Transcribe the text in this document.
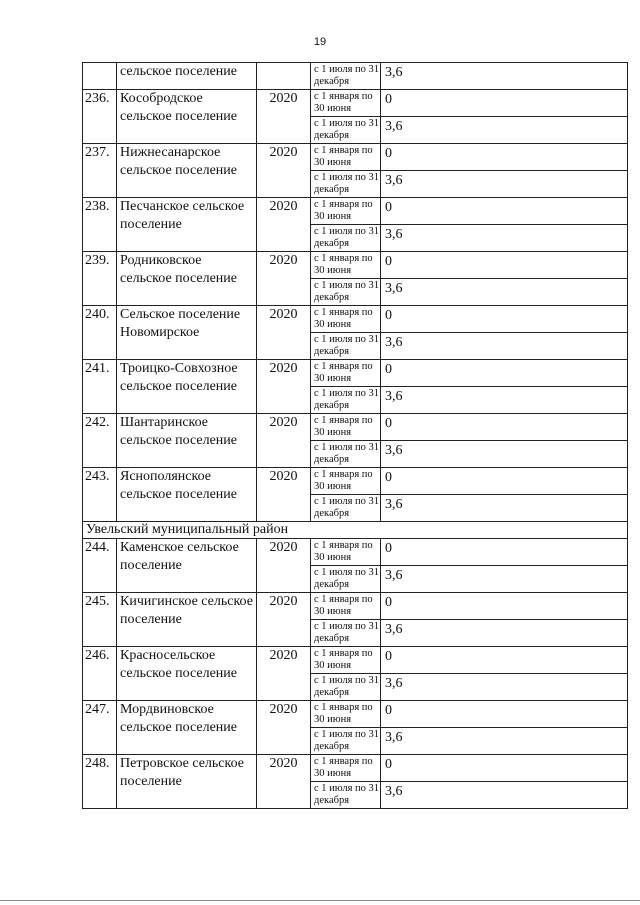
19
	сельское поселение		с 1 июля по 31 декабря	3,6
236.	Кособродское сельское поселение	2020	с 1 января по 30 июня	0
			с 1 июля по 31 декабря	3,6
237.	Нижнесанарское сельское поселение	2020	с 1 января по 30 июня	0
			с 1 июля по 31 декабря	3,6
238.	Песчанское сельское поселение	2020	с 1 января по 30 июня	0
			с 1 июля по 31 декабря	3,6
239.	Родниковское сельское поселение	2020	с 1 января по 30 июня	0
			с 1 июля по 31 декабря	3,6
240.	Сельское поселение Новомирское	2020	с 1 января по 30 июня	0
			с 1 июля по 31 декабря	3,6
241.	Троицко-Совхозное сельское поселение	2020	с 1 января по 30 июня	0
			с 1 июля по 31 декабря	3,6
242.	Шантаринское сельское поселение	2020	с 1 января по 30 июня	0
			с 1 июля по 31 декабря	3,6
243.	Яснополянское сельское поселение	2020	с 1 января по 30 июня	0
			с 1 июля по 31 декабря	3,6
Увельский муниципальный район				
244.	Каменское сельское поселение	2020	с 1 января по 30 июня	0
			с 1 июля по 31 декабря	3,6
245.	Кичигинское сельское поселение	2020	с 1 января по 30 июня	0
			с 1 июля по 31 декабря	3,6
246.	Красносельское сельское поселение	2020	с 1 января по 30 июня	0
			с 1 июля по 31 декабря	3,6
247.	Мордвиновское сельское поселение	2020	с 1 января по 30 июня	0
			с 1 июля по 31 декабря	3,6
248.	Петровское сельское поселение	2020	с 1 января по 30 июня	0
			с 1 июля по 31 декабря	3,6
